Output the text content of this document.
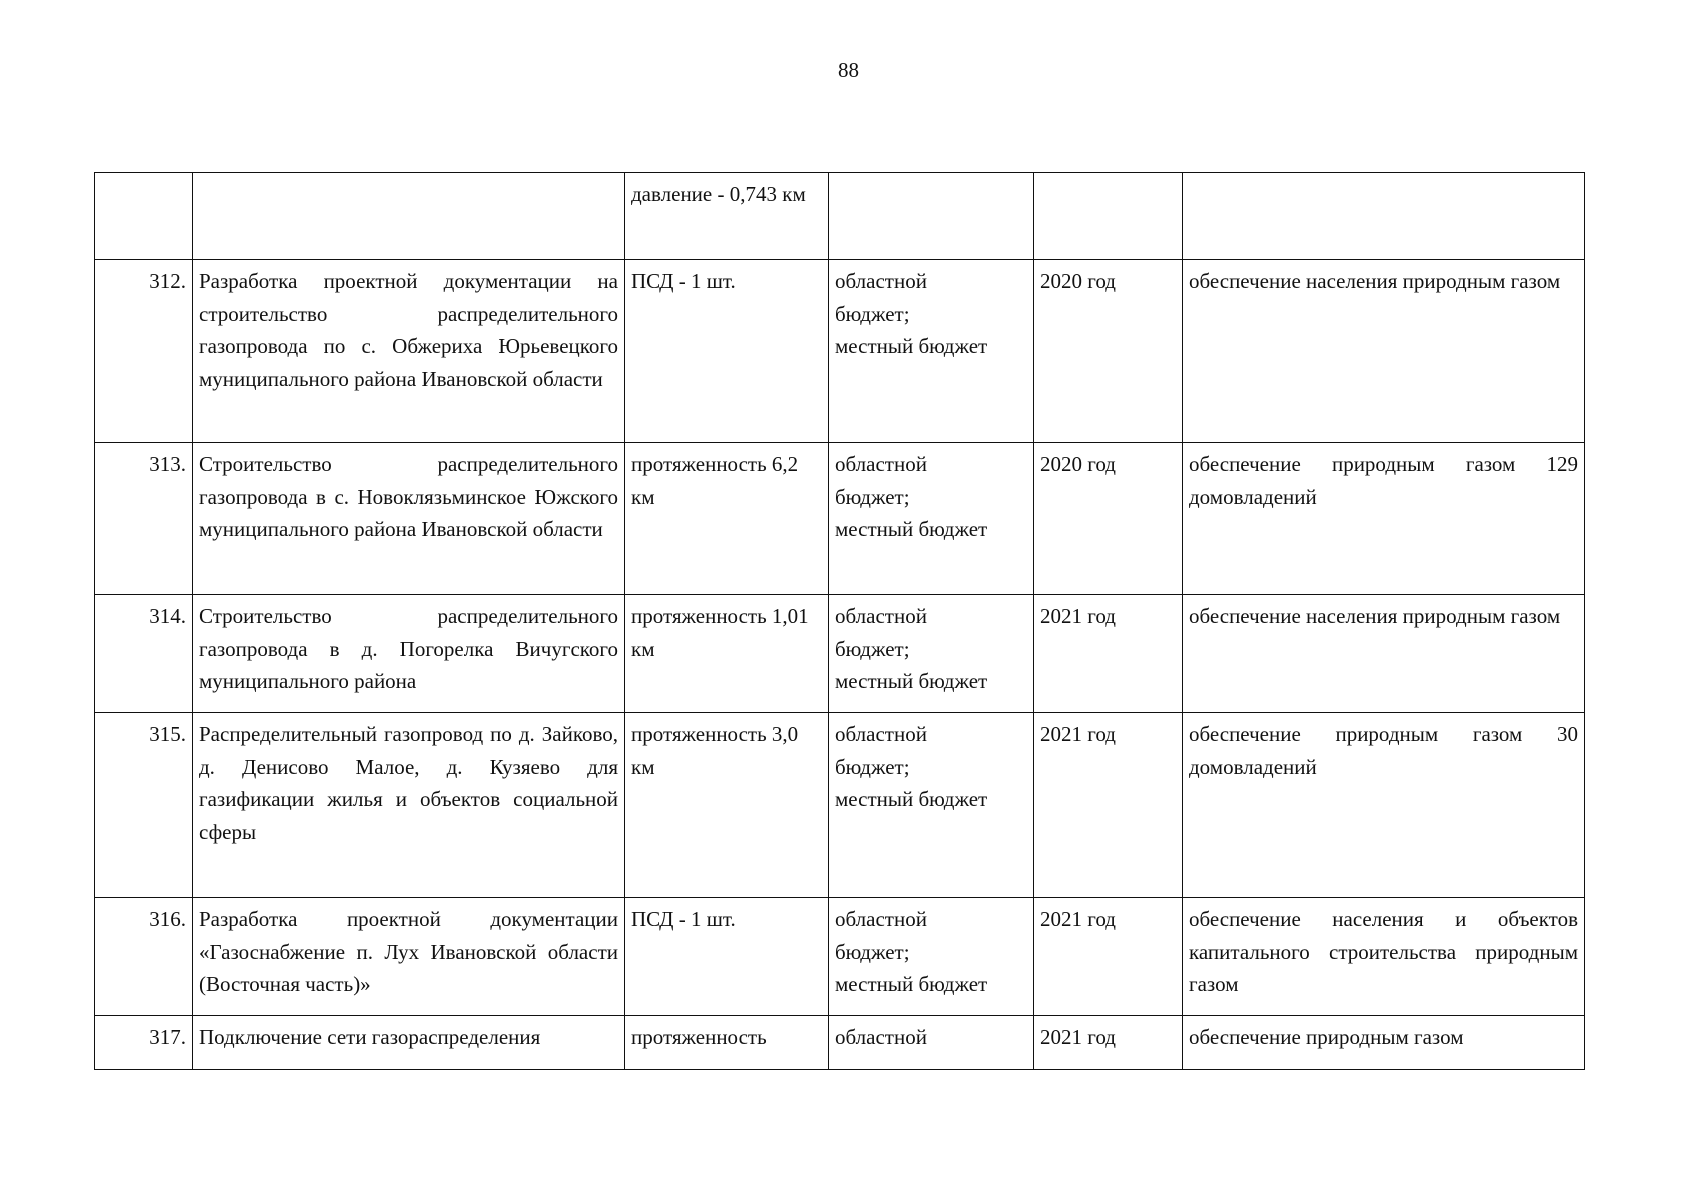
88
		давление - 0,743 км	

312.	Разработка проектной документации на строительство распределительного газопровода по с. Обжериха Юрьевецкого муниципального района Ивановской области	ПСД - 1 шт.	областной
бюджет;
местный бюджет	2020 год	обеспечение населения природным газом
313.	Строительство распределительного газопровода в с. Новоклязьминское Южского муниципального района Ивановской области	протяженность 6,2 км	областной
бюджет;
местный бюджет	2020 год	обеспечение природным газом 129 домовладений
314.	Строительство распределительного газопровода в д. Погорелка Вичугского муниципального района	протяженность 1,01 км	областной
бюджет;
местный бюджет	2021 год	обеспечение населения природным газом
315.	Распределительный газопровод по д. Зайково, д. Денисово Малое, д. Кузяево для газификации жилья и объектов социальной сферы	протяженность 3,0 км	областной
бюджет;
местный бюджет	2021 год	обеспечение природным газом 30 домовладений
316.	Разработка проектной документации «Газоснабжение п. Лух Ивановской области (Восточная часть)»	ПСД - 1 шт.	областной
бюджет;
местный бюджет	2021 год	обеспечение населения и объектов капитального строительства природным газом
317.	Подключение сети газораспределения	протяженность	областной	2021 год	обеспечение природным газом
